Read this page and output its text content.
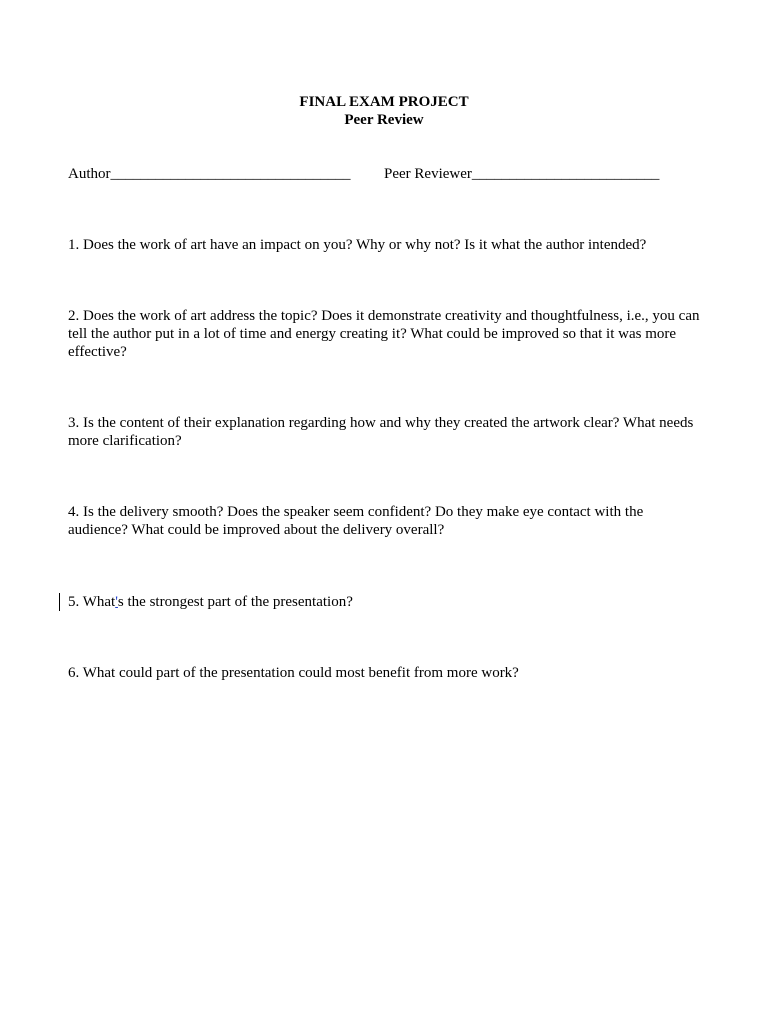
FINAL EXAM PROJECT
Peer Review
Author________________________________ Peer Reviewer_________________________
1. Does the work of art have an impact on you? Why or why not? Is it what the author intended?
2. Does the work of art address the topic? Does it demonstrate creativity and thoughtfulness, i.e., you can tell the author put in a lot of time and energy creating it? What could be improved so that it was more effective?
3. Is the content of their explanation regarding how and why they created the artwork clear? What needs more clarification?
4. Is the delivery smooth? Does the speaker seem confident? Do they make eye contact with the audience? What could be improved about the delivery overall?
5. What's the strongest part of the presentation?
6. What could part of the presentation could most benefit from more work?
